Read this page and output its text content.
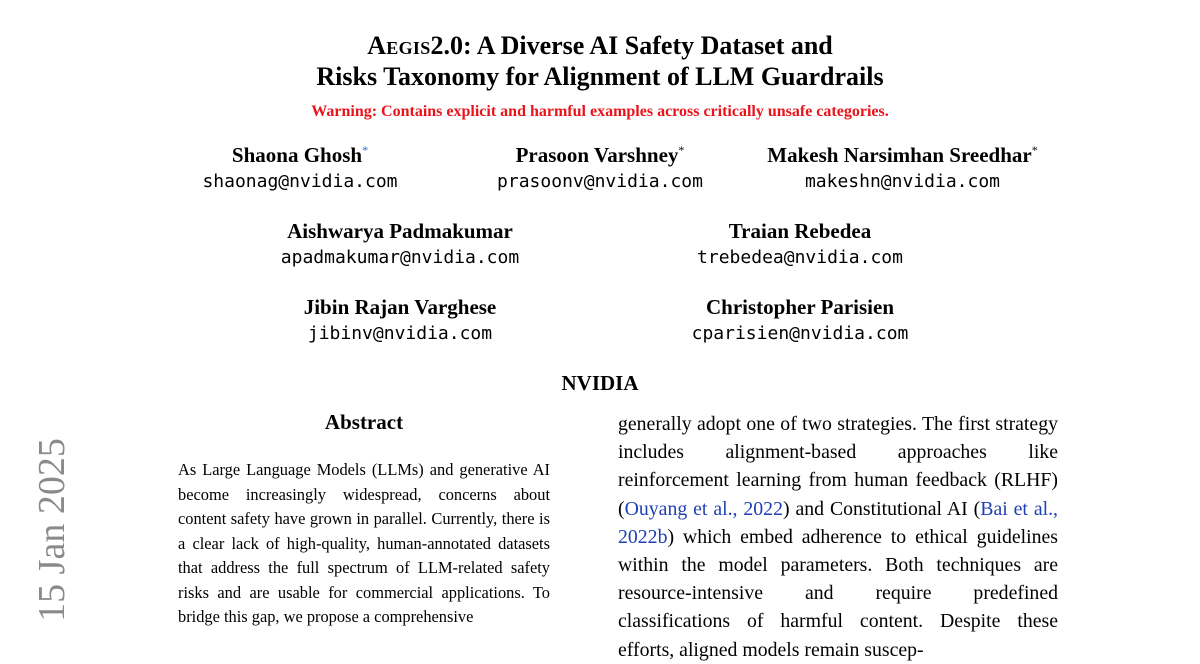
Aegis2.0: A Diverse AI Safety Dataset and
Risks Taxonomy for Alignment of LLM Guardrails
Warning: Contains explicit and harmful examples across critically unsafe categories.
Shaona Ghosh*
shaonag@nvidia.com
Prasoon Varshney*
prasoonv@nvidia.com
Makesh Narsimhan Sreedhar*
makeshn@nvidia.com
Aishwarya Padmakumar
apadmakumar@nvidia.com
Traian Rebedea
trebedea@nvidia.com
Jibin Rajan Varghese
jibinv@nvidia.com
Christopher Parisien
cparisien@nvidia.com
NVIDIA
15 Jan 2025
Abstract
As Large Language Models (LLMs) and generative AI become increasingly widespread, concerns about content safety have grown in parallel. Currently, there is a clear lack of high-quality, human-annotated datasets that address the full spectrum of LLM-related safety risks and are usable for commercial applications. To bridge this gap, we propose a comprehensive
generally adopt one of two strategies. The first strategy includes alignment-based approaches like reinforcement learning from human feedback (RLHF) (Ouyang et al., 2022) and Constitutional AI (Bai et al., 2022b) which embed adherence to ethical guidelines within the model parameters. Both techniques are resource-intensive and require predefined classifications of harmful content. Despite these efforts, aligned models remain suscep-
